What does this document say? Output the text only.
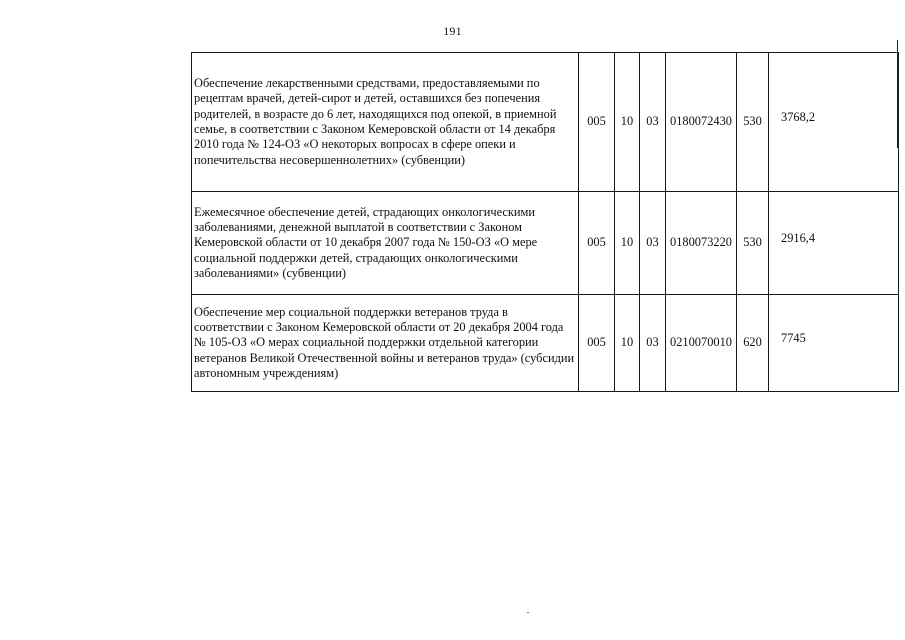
191
Обеспечение лекарственными средствами, предоставляемыми по рецептам врачей, детей-сирот и детей, оставшихся без попечения родителей, в возрасте до 6 лет, находящихся под опекой, в приемной семье, в соответствии с Законом Кемеровской области от 14 декабря 2010 года № 124-ОЗ «О некоторых вопросах в сфере опеки и попечительства несовершеннолетних» (субвенции)	005	10	03	0180072430	530	3768,2
Ежемесячное обеспечение детей, страдающих онкологическими заболеваниями, денежной выплатой в соответствии с Законом Кемеровской области от 10 декабря 2007 года № 150-ОЗ «О мере социальной поддержки детей, страдающих онкологическими заболеваниями» (субвенции)	005	10	03	0180073220	530	2916,4
Обеспечение мер социальной поддержки ветеранов труда в соответствии с Законом Кемеровской области от 20 декабря 2004 года № 105-ОЗ «О мерах социальной поддержки отдельной категории ветеранов Великой Отечественной войны и ветеранов труда» (субсидии автономным учреждениям)	005	10	03	0210070010	620	7745
